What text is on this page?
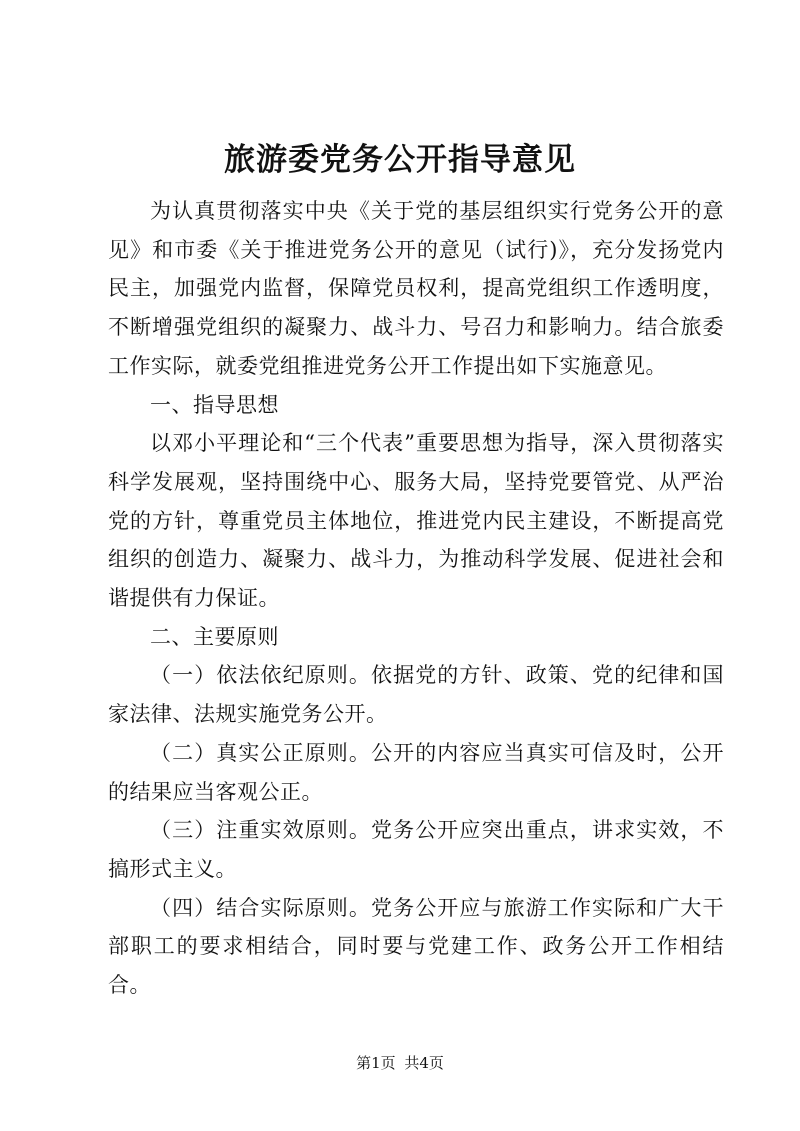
旅游委党务公开指导意见

为认真贯彻落实中央《关于党的基层组织实行党务公开的意见》和市委《关于推进党务公开的意见（试行)》，充分发扬党内民主，加强党内监督，保障党员权利，提高党组织工作透明度，不断增强党组织的凝聚力、战斗力、号召力和影响力。结合旅委工作实际，就委党组推进党务公开工作提出如下实施意见。

一、指导思想

以邓小平理论和“三个代表”重要思想为指导，深入贯彻落实科学发展观，坚持围绕中心、服务大局，坚持党要管党、从严治党的方针，尊重党员主体地位，推进党内民主建设，不断提高党组织的创造力、凝聚力、战斗力，为推动科学发展、促进社会和谐提供有力保证。

二、主要原则

（一）依法依纪原则。依据党的方针、政策、党的纪律和国家法律、法规实施党务公开。

（二）真实公正原则。公开的内容应当真实可信及时，公开的结果应当客观公正。

（三）注重实效原则。党务公开应突出重点，讲求实效，不搞形式主义。

（四）结合实际原则。党务公开应与旅游工作实际和广大干部职工的要求相结合，同时要与党建工作、政务公开工作相结合。

第1页 共4页
